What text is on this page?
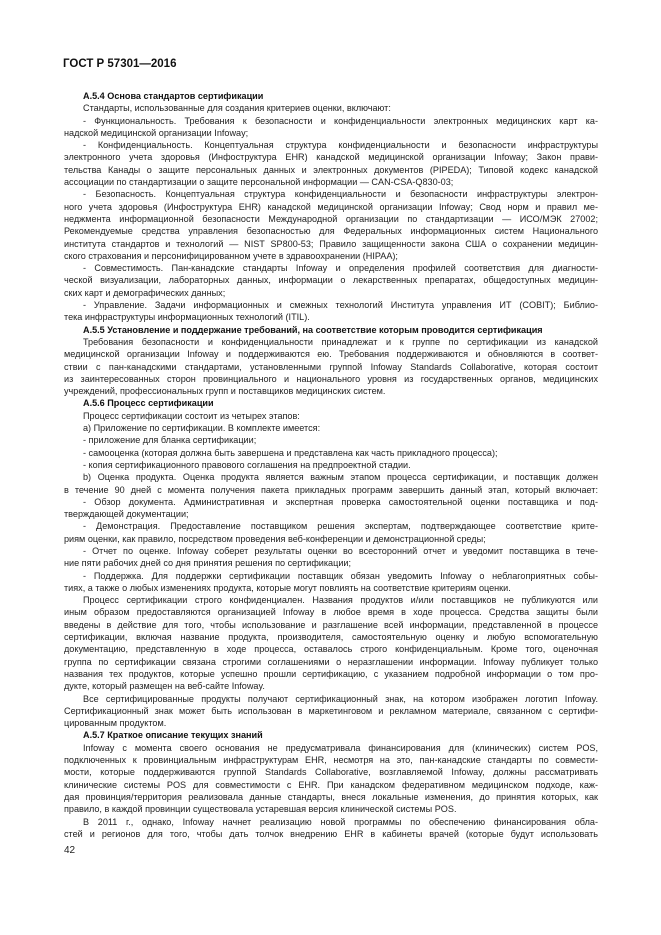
ГОСТ Р 57301—2016
А.5.4 Основа стандартов сертификации
Стандарты, использованные для создания критериев оценки, включают:
- Функциональность. Требования к безопасности и конфиденциальности электронных медицинских карт ка-
надской медицинской организации Infoway;
- Конфиденциальность. Концептуальная структура конфиденциальности и безопасности инфраструктуры
электронного учета здоровья (Инфоструктура EHR) канадской медицинской организации Infoway; Закон прави-
тельства Канады о защите персональных данных и электронных документов (PIPEDA); Типовой кодекс канадской
ассоциации по стандартизации о защите персональной информации — CAN-CSA-Q830-03;
- Безопасность. Концептуальная структура конфиденциальности и безопасности инфраструктуры электрон-
ного учета здоровья (Инфоструктура EHR) канадской медицинской организации Infoway; Свод норм и правил ме-
неджмента информационной безопасности Международной организации по стандартизации — ИСО/МЭК 27002;
Рекомендуемые средства управления безопасностью для Федеральных информационных систем Национального
института стандартов и технологий — NIST SP800-53; Правило защищенности закона США о сохранении медицин-
ского страхования и персонифицированном учете в здравоохранении (HIPAA);
- Совместимость. Пан-канадские стандарты Infoway и определения профилей соответствия для диагности-
ческой визуализации, лабораторных данных, информации о лекарственных препаратах, общедоступных медицин-
ских карт и демографических данных;
- Управление. Задачи информационных и смежных технологий Института управления ИТ (COBIT); Библио-
тека инфраструктуры информационных технологий (ITIL).
А.5.5 Установление и поддержание требований, на соответствие которым проводится сертификация
Требования безопасности и конфиденциальности принадлежат и к группе по сертификации из канадской
медицинской организации Infoway и поддерживаются ею. Требования поддерживаются и обновляются в соответ-
ствии с пан-канадскими стандартами, установленными группой Infoway Standards Collaborative, которая состоит
из заинтересованных сторон провинциального и национального уровня из государственных органов, медицинских
учреждений, профессиональных групп и поставщиков медицинских систем.
А.5.6 Процесс сертификации
Процесс сертификации состоит из четырех этапов:
а) Приложение по сертификации. В комплекте имеется:
- приложение для бланка сертификации;
- самооценка (которая должна быть завершена и представлена как часть прикладного процесса);
- копия сертификационного правового соглашения на предпроектной стадии.
b) Оценка продукта. Оценка продукта является важным этапом процесса сертификации, и поставщик должен
в течение 90 дней с момента получения пакета прикладных программ завершить данный этап, который включает:
- Обзор документа. Административная и экспертная проверка самостоятельной оценки поставщика и под-
тверждающей документации;
- Демонстрация. Предоставление поставщиком решения экспертам, подтверждающее соответствие крите-
риям оценки, как правило, посредством проведения веб-конференции и демонстрационной среды;
- Отчет по оценке. Infoway соберет результаты оценки во всесторонний отчет и уведомит поставщика в тече-
ние пяти рабочих дней со дня принятия решения по сертификации;
- Поддержка. Для поддержки сертификации поставщик обязан уведомить Infoway о неблагоприятных собы-
тиях, а также о любых изменениях продукта, которые могут повлиять на соответствие критериям оценки.
Процесс сертификации строго конфиденциален. Названия продуктов и/или поставщиков не публикуются или
иным образом предоставляются организацией Infoway в любое время в ходе процесса. Средства защиты были
введены в действие для того, чтобы использование и разглашение всей информации, представленной в процессе
сертификации, включая название продукта, производителя, самостоятельную оценку и любую вспомогательную
документацию, представленную в ходе процесса, оставалось строго конфиденциальным. Кроме того, оценочная
группа по сертификации связана строгими соглашениями о неразглашении информации. Infoway публикует только
названия тех продуктов, которые успешно прошли сертификацию, с указанием подробной информации о том про-
дукте, который размещен на веб-сайте Infoway.
Все сертифицированные продукты получают сертификационный знак, на котором изображен логотип Infoway.
Сертификационный знак может быть использован в маркетинговом и рекламном материале, связанном с сертифи-
цированным продуктом.
А.5.7 Краткое описание текущих знаний
Infoway с момента своего основания не предусматривала финансирования для (клинических) систем POS,
подключенных к провинциальным инфраструктурам EHR, несмотря на это, пан-канадские стандарты по совмести-
мости, которые поддерживаются группой Standards Collaborative, возглавляемой Infoway, должны рассматривать
клинические системы POS для совместимости с EHR. При канадском федеративном медицинском подходе, каж-
дая провинция/территория реализовала данные стандарты, внеся локальные изменения, до принятия которых, как
правило, в каждой провинции существовала устаревшая версия клинической системы POS.
В 2011 г., однако, Infoway начнет реализацию новой программы по обеспечению финансирования обла-
стей и регионов для того, чтобы дать толчок внедрению EHR в кабинеты врачей (которые будут использовать
42
